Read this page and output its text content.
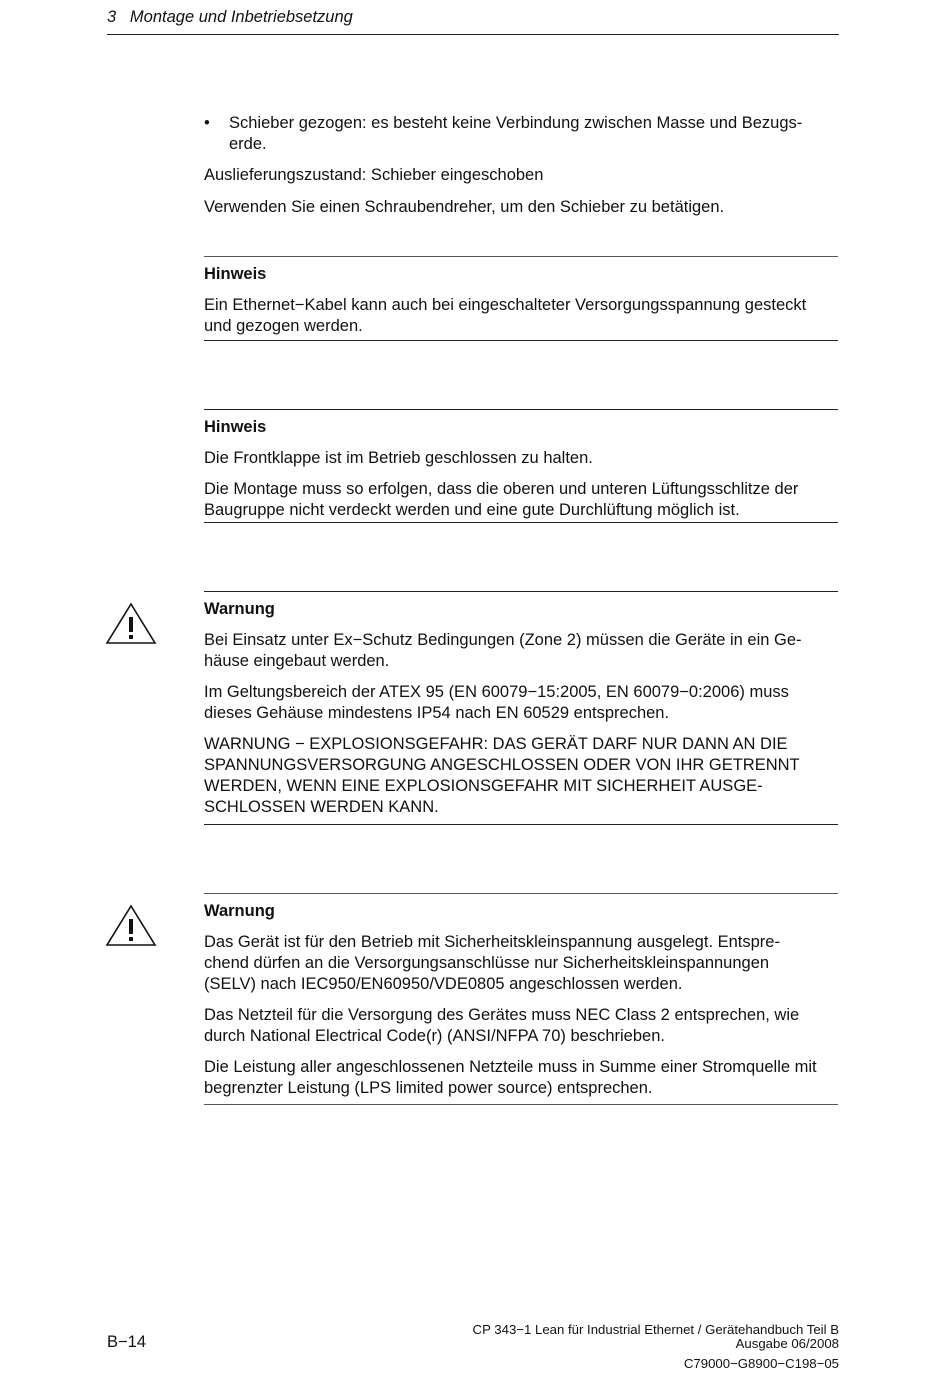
3   Montage und Inbetriebsetzung
• Schieber gezogen: es besteht keine Verbindung zwischen Masse und Bezugs-
erde.

Auslieferungszustand: Schieber eingeschoben

Verwenden Sie einen Schraubendreher, um den Schieber zu betätigen.

Hinweis

Ein Ethernet−Kabel kann auch bei eingeschalteter Versorgungsspannung gesteckt und gezogen werden.

Hinweis

Die Frontklappe ist im Betrieb geschlossen zu halten.

Die Montage muss so erfolgen, dass die oberen und unteren Lüftungsschlitze der Baugruppe nicht verdeckt werden und eine gute Durchlüftung möglich ist.

Warnung

Bei Einsatz unter Ex−Schutz Bedingungen (Zone 2) müssen die Geräte in ein Ge-
häuse eingebaut werden.

Im Geltungsbereich der ATEX 95 (EN 60079−15:2005, EN 60079−0:2006) muss dieses Gehäuse mindestens IP54 nach EN 60529 entsprechen.

WARNUNG − EXPLOSIONSGEFAHR: DAS GERÄT DARF NUR DANN AN DIE
SPANNUNGSVERSORGUNG ANGESCHLOSSEN ODER VON IHR GETRENNT
WERDEN, WENN EINE EXPLOSIONSGEFAHR MIT SICHERHEIT AUSGE-
SCHLOSSEN WERDEN KANN.

Warnung

Das Gerät ist für den Betrieb mit Sicherheitskleinspannung ausgelegt. Entspre-
chend dürfen an die Versorgungsanschlüsse nur Sicherheitskleinspannungen
(SELV) nach IEC950/EN60950/VDE0805 angeschlossen werden.

Das Netzteil für die Versorgung des Gerätes muss NEC Class 2 entsprechen, wie durch National Electrical Code(r) (ANSI/NFPA 70) beschrieben.

Die Leistung aller angeschlossenen Netzteile muss in Summe einer Stromquelle mit begrenzter Leistung (LPS limited power source) entsprechen.

B−14
CP 343−1 Lean für Industrial Ethernet / Gerätehandbuch Teil B
Ausgabe 06/2008
C79000−G8900−C198−05
